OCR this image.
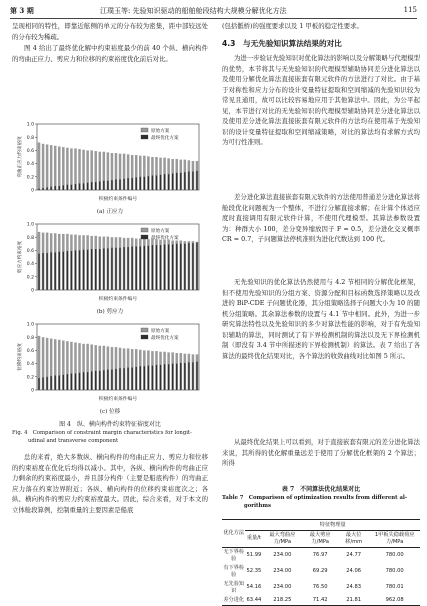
第 3 期	江璞玉等: 先验知识驱动的船舶舱段结构大规模分解优化方法	115

呈现相同的特性，即靠近舷侧的单元的分布较为密集，距中部较远处的分布较为稀疏。

图 4 给出了最终优化解中约束裕度最少的前 40 个纵、横向构件的弯曲正应力、剪应力和位移的约束裕度优化前后对比。

0
0.2
0.4
0.6
0.8
1.0
原始方案
最终优化方案
积极约束条件编号
弯曲正应力约束裕度
(a) 正应力
0
0.2
0.4
0.6
0.8
1.0
原始方案
最终优化方案
积极约束条件编号
剪应力约束裕度
(b) 剪应力
0
0.2
0.4
0.6
0.8
1.0
原始方案
最终优化方案
积极约束条件编号
位移约束裕度
(c) 位移
图 4　纵、横向构件约束特征裕度对比
Fig. 4　Comparison of constraint margin characteristics for longit-
udinal and transverse component

总的来看，绝大多数纵、横向构件的弯曲正应力、剪应力和位移的约束裕度在优化后均得以减小。其中，各纵、横向构件的弯曲正应力剩余的约束裕度最小，并且部分构件（主要是船底构件）的弯曲正应力落在约束边界附近；各纵、横向构件的位移约束裕度次之；各纵、横向构件的剪应力约束裕度最大。因此，综合来看，对于本文的立体舱段算例，控制重量的主要因素是船底

(包括骶桥)的强度要求以及 1 甲板的稳定性要求。

4.3　与无先验知识算法结果的对比

为进一步验证先验知识对优化算法的影响以及分解策略与代理模型的优势，本节将其与无先验知识的代理模型辅助协同差分进化算法以及使用分解优化算法直接嵌套有限元软件的方法进行了对比。由于基于对称性和应力分布的设计变量特征提取和空间缩减的先验知识较为常见且通用，故可以比较容易地应用于其他算法中。因此，为公平起见，本节进行对比的无先验知识的代理模型辅助协同差分进化算法以及使用差分进化算法直接嵌套有限元软件的方法均在使用基于先验知识的设计变量特征提取和空间缩减策略，对比的算法均有求解方式均为可行性准则。

差分进化算法直接嵌套有限元软件的方法使用普通差分进化算法将舱段优化问题视为一个整体，不进行分解直接求解；在计算个体适应度时直接调用有限元软件计算，不使用代理模型。其算法参数设置为：种群大小 100，差分变异缩放因子 F = 0.5，差分进化交叉概率 CR = 0.7，子问题算法停机准则为进化代数达到 100 代。

无先验知识的优化算法仍然使用与 4.2 节相同的分解优化框架，但不使用先验知识的分组方案、资源分配和目标函数选择策略以及改进的 BiP-CDE 子问题优化器，其分组策略选择子问题大小为 10 的随机分组策略。其余算法参数的设置与 4.1 节中相同。此外，为进一步研究算法特性以及先验知识的多少对算法性能的影响，对于有先验知识辅助的算法，同时测试了有下界检测机制的算法以及无下界检测机制（即没有 3.4 节中所描述的下界检测机制）的算法。表 7 给出了各算法的最终优化结果对比，各个算法的收敛曲线对比如图 5 所示。

从最终优化结果上可以看到，对于直接嵌套有限元的差分进化算法来说，其所得的优化解重量远差于使用了分解优化框架的 2 个算法；所得

表 7　不同算法优化结果对比
Table 7　Comparison of optimization results from different al-
gorithms
优化方法	特征物理量				
	重量/t	最大弯曲应力/MPa	最大剪应力/MPa	最大位移/mm	1甲板失稳载荷应力/MPa
无下界检验	51.99	234.00	76.97	24.77	780.00
有下界检验	52.35	234.00	69.29	24.06	780.00
无先验知识	54.16	234.00	76.50	24.83	780.01
差分进化	63.44	218.25	71.42	21.81	962.08
